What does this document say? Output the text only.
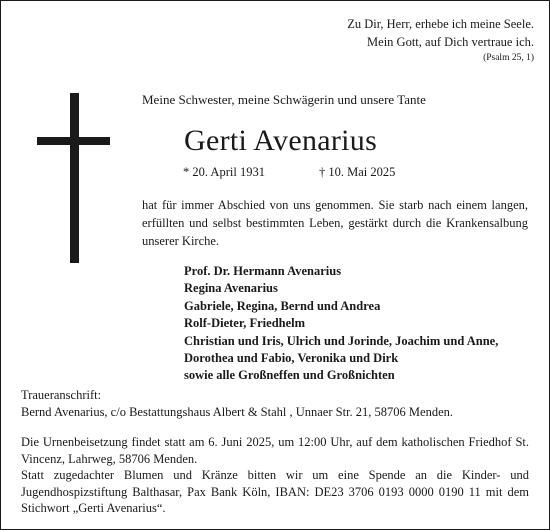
Zu Dir, Herr, erhebe ich meine Seele.
Mein Gott, auf Dich vertraue ich.
(Psalm 25, 1)
Meine Schwester, meine Schwägerin und unsere Tante
Gerti Avenarius
* 20. April 1931	† 10. Mai 2025
hat für immer Abschied von uns genommen. Sie starb nach einem langen, erfüllten und selbst bestimmten Leben, gestärkt durch die Krankensalbung unserer Kirche.
Prof. Dr. Hermann Avenarius
Regina Avenarius
Gabriele, Regina, Bernd und Andrea
Rolf-Dieter, Friedhelm
Christian und Iris, Ulrich und Jorinde, Joachim und Anne,
Dorothea und Fabio, Veronika und Dirk
sowie alle Großneffen und Großnichten
Traueranschrift:
Bernd Avenarius, c/o Bestattungshaus Albert & Stahl , Unnaer Str. 21, 58706 Menden.
Die Urnenbeisetzung findet statt am 6. Juni 2025, um 12:00 Uhr, auf dem katholischen Friedhof St. Vincenz, Lahrweg, 58706 Menden.
Statt zugedachter Blumen und Kränze bitten wir um eine Spende an die Kinder- und Jugendhospizstiftung Balthasar, Pax Bank Köln, IBAN: DE23 3706 0193 0000 0190 11 mit dem Stichwort „Gerti Avenarius“.
